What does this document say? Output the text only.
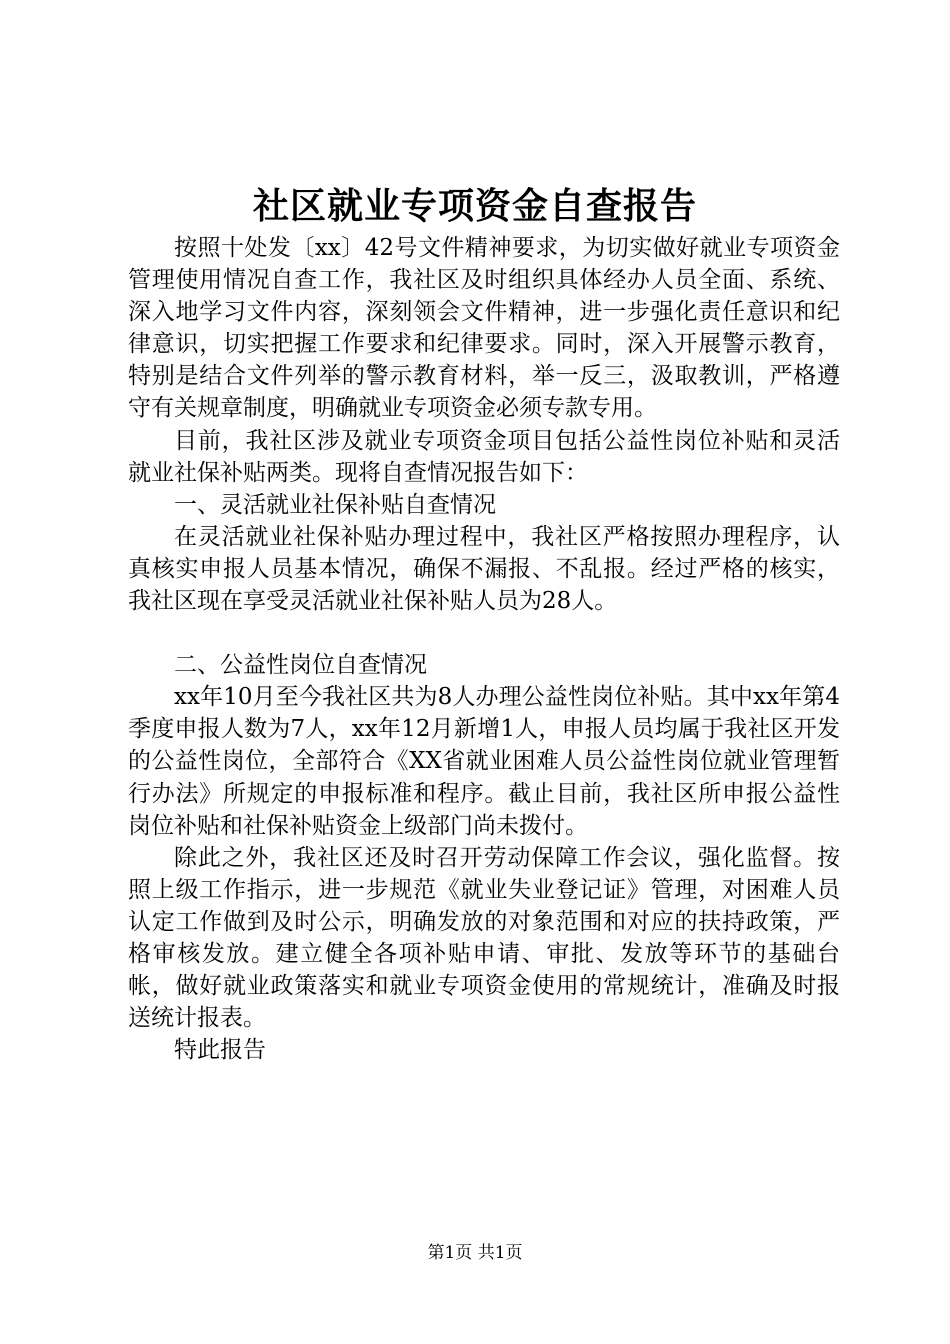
社区就业专项资金自查报告

按照十处发〔xx〕42号文件精神要求，为切实做好就业专项资金管理使用情况自查工作，我社区及时组织具体经办人员全面、系统、深入地学习文件内容，深刻领会文件精神，进一步强化责任意识和纪律意识，切实把握工作要求和纪律要求。同时，深入开展警示教育，特别是结合文件列举的警示教育材料，举一反三，汲取教训，严格遵守有关规章制度，明确就业专项资金必须专款专用。

目前，我社区涉及就业专项资金项目包括公益性岗位补贴和灵活就业社保补贴两类。现将自查情况报告如下：

一、灵活就业社保补贴自查情况

在灵活就业社保补贴办理过程中，我社区严格按照办理程序，认真核实申报人员基本情况，确保不漏报、不乱报。经过严格的核实，我社区现在享受灵活就业社保补贴人员为28人。

二、公益性岗位自查情况

xx年10月至今我社区共为8人办理公益性岗位补贴。其中xx年第4季度申报人数为7人，xx年12月新增1人，申报人员均属于我社区开发的公益性岗位，全部符合《XX省就业困难人员公益性岗位就业管理暂行办法》所规定的申报标准和程序。截止目前，我社区所申报公益性岗位补贴和社保补贴资金上级部门尚未拨付。

除此之外，我社区还及时召开劳动保障工作会议，强化监督。按照上级工作指示，进一步规范《就业失业登记证》管理，对困难人员认定工作做到及时公示，明确发放的对象范围和对应的扶持政策，严格审核发放。建立健全各项补贴申请、审批、发放等环节的基础台帐，做好就业政策落实和就业专项资金使用的常规统计，准确及时报送统计报表。

特此报告

第1页 共1页
